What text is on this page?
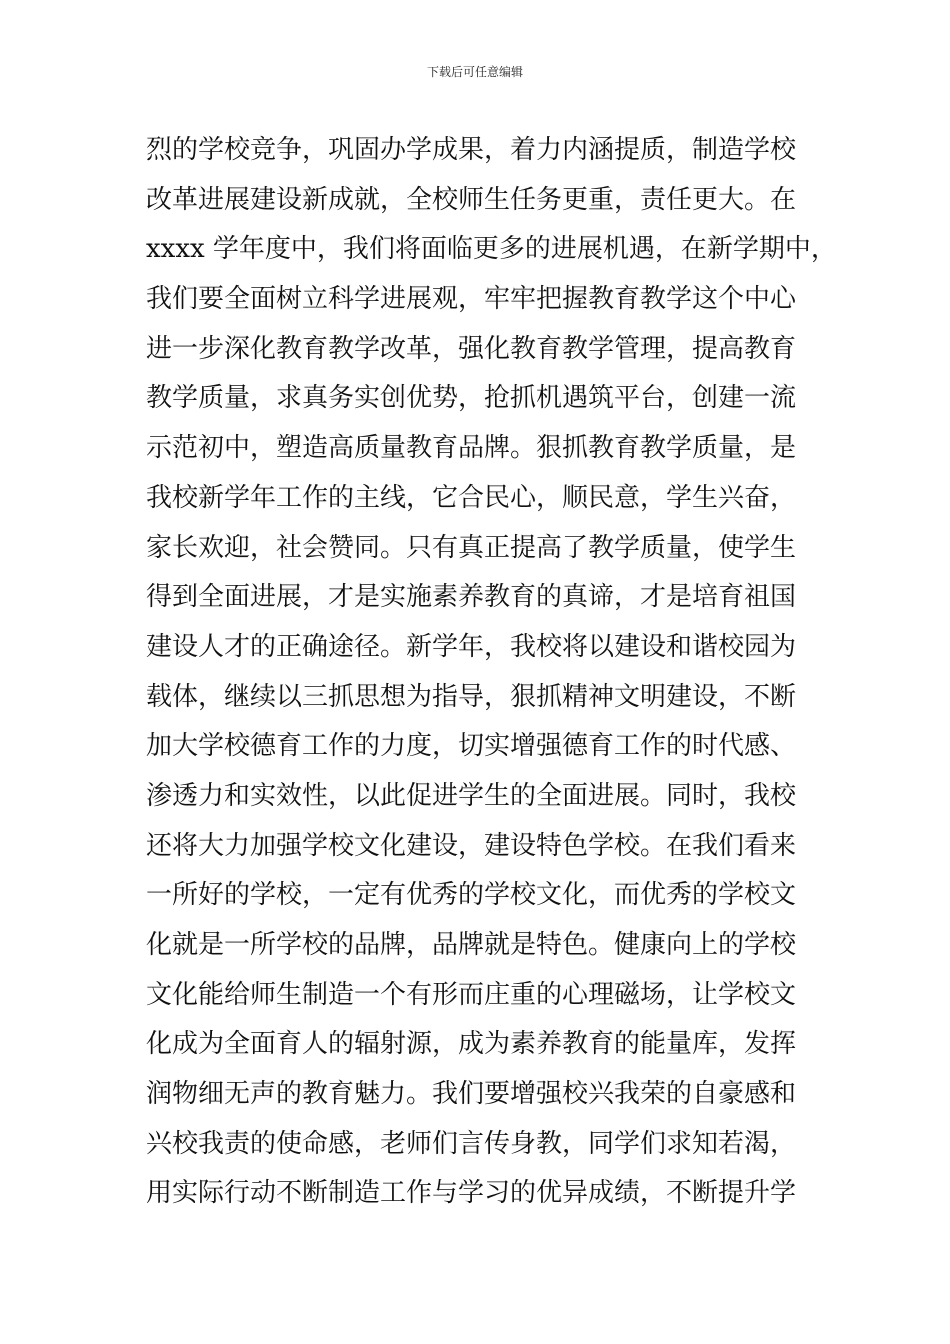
下载后可任意编辑
烈的学校竞争，巩固办学成果，着力内涵提质，制造学校
改革进展建设新成就，全校师生任务更重，责任更大。在
xxxx 学年度中，我们将面临更多的进展机遇，在新学期中，
我们要全面树立科学进展观，牢牢把握教育教学这个中心
进一步深化教育教学改革，强化教育教学管理，提高教育
教学质量，求真务实创优势，抢抓机遇筑平台，创建一流
示范初中，塑造高质量教育品牌。狠抓教育教学质量，是
我校新学年工作的主线，它合民心，顺民意，学生兴奋，
家长欢迎，社会赞同。只有真正提高了教学质量，使学生
得到全面进展，才是实施素养教育的真谛，才是培育祖国
建设人才的正确途径。新学年，我校将以建设和谐校园为
载体，继续以三抓思想为指导，狠抓精神文明建设，不断
加大学校德育工作的力度，切实增强德育工作的时代感、
渗透力和实效性，以此促进学生的全面进展。同时，我校
还将大力加强学校文化建设，建设特色学校。在我们看来
一所好的学校，一定有优秀的学校文化，而优秀的学校文
化就是一所学校的品牌，品牌就是特色。健康向上的学校
文化能给师生制造一个有形而庄重的心理磁场，让学校文
化成为全面育人的辐射源，成为素养教育的能量库，发挥
润物细无声的教育魅力。我们要增强校兴我荣的自豪感和
兴校我责的使命感，老师们言传身教，同学们求知若渴，
用实际行动不断制造工作与学习的优异成绩，不断提升学
